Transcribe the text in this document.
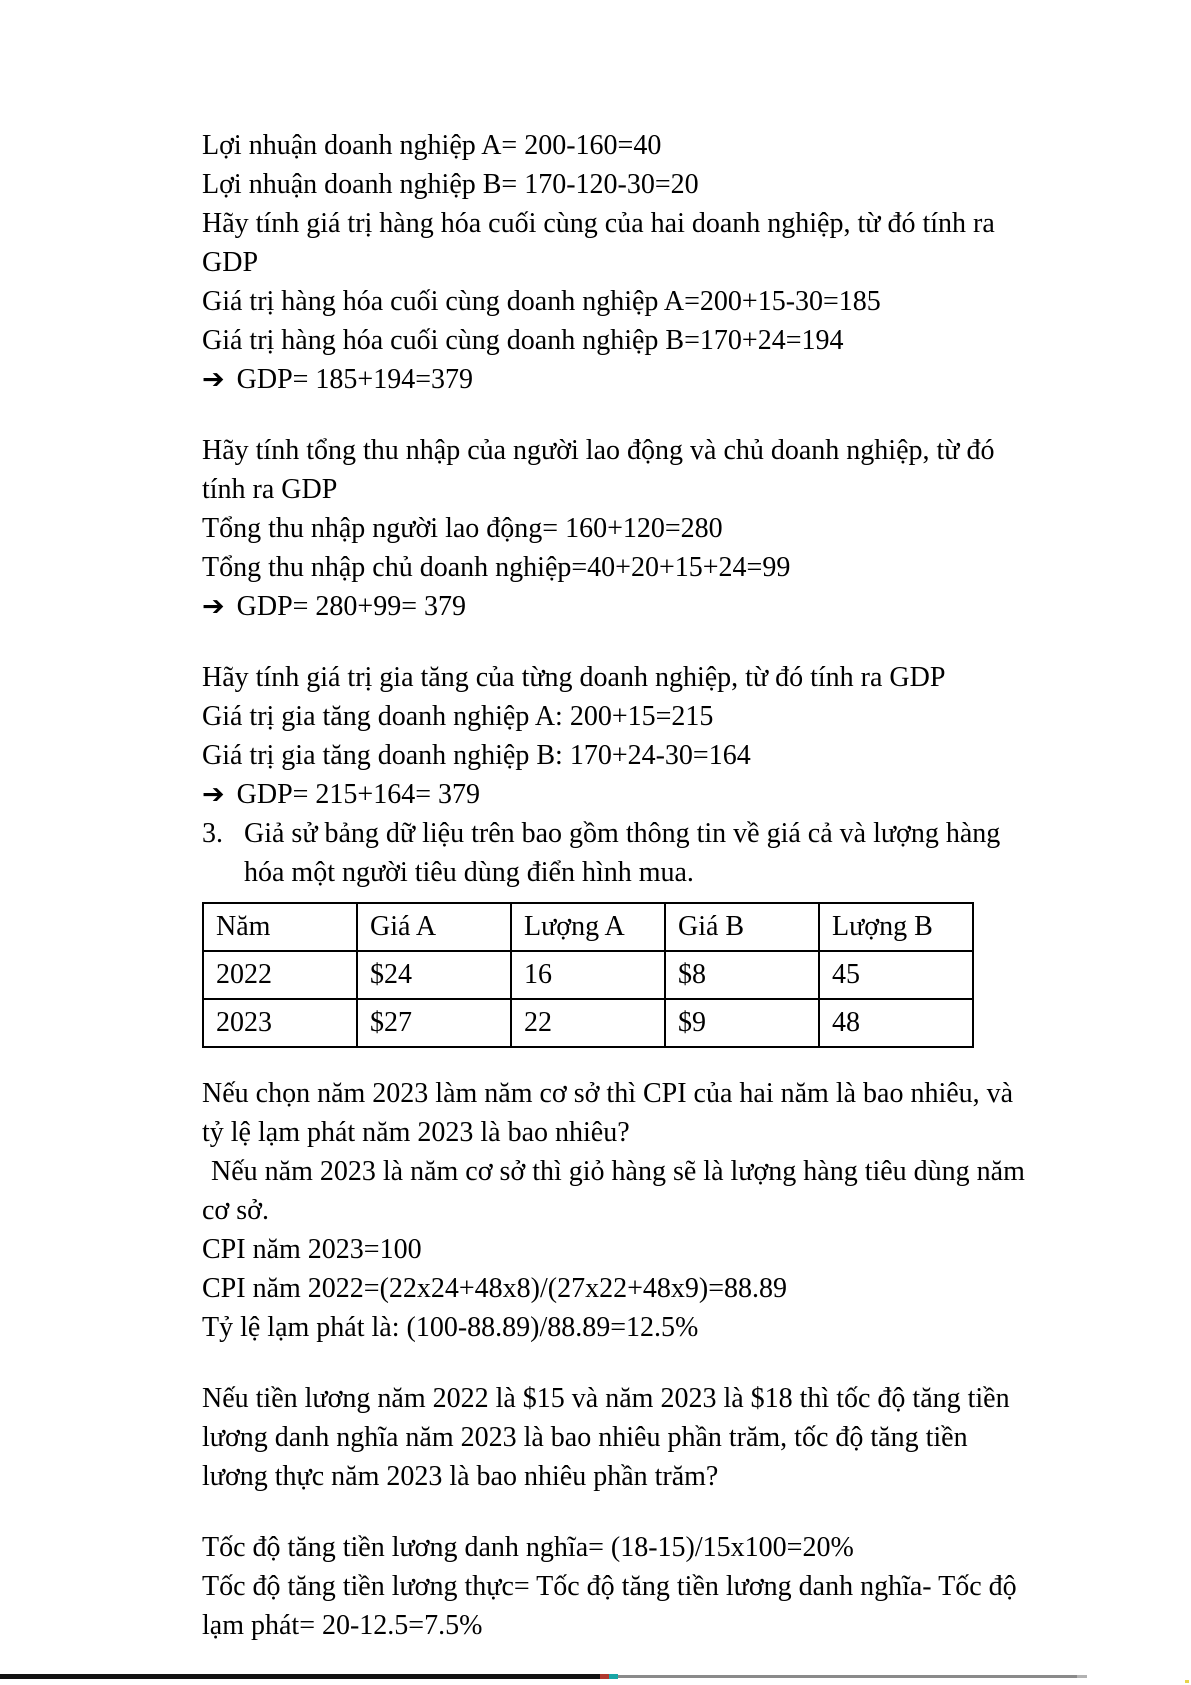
Lợi nhuận doanh nghiệp A= 200-160=40
Lợi nhuận doanh nghiệp B= 170-120-30=20
Hãy tính giá trị hàng hóa cuối cùng của hai doanh nghiệp, từ đó tính ra
GDP
Giá trị hàng hóa cuối cùng doanh nghiệp A=200+15-30=185
Giá trị hàng hóa cuối cùng doanh nghiệp B=170+24=194
➔ GDP= 185+194=379
Hãy tính tổng thu nhập của người lao động và chủ doanh nghiệp, từ đó
tính ra GDP
Tổng thu nhập người lao động= 160+120=280
Tổng thu nhập chủ doanh nghiệp=40+20+15+24=99
➔ GDP= 280+99= 379
Hãy tính giá trị gia tăng của từng doanh nghiệp, từ đó tính ra GDP
Giá trị gia tăng doanh nghiệp A: 200+15=215
Giá trị gia tăng doanh nghiệp B: 170+24-30=164
➔ GDP= 215+164= 379
3. Giả sử bảng dữ liệu trên bao gồm thông tin về giá cả và lượng hàng
hóa một người tiêu dùng điển hình mua.
Năm	Giá A	Lượng A	Giá B	Lượng B
2022	$24	16	$8	45
2023	$27	22	$9	48
Nếu chọn năm 2023 làm năm cơ sở thì CPI của hai năm là bao nhiêu, và
tỷ lệ lạm phát năm 2023 là bao nhiêu?
Nếu năm 2023 là năm cơ sở thì giỏ hàng sẽ là lượng hàng tiêu dùng năm
cơ sở.
CPI năm 2023=100
CPI năm 2022=(22x24+48x8)/(27x22+48x9)=88.89
Tỷ lệ lạm phát là: (100-88.89)/88.89=12.5%
Nếu tiền lương năm 2022 là $15 và năm 2023 là $18 thì tốc độ tăng tiền
lương danh nghĩa năm 2023 là bao nhiêu phần trăm, tốc độ tăng tiền
lương thực năm 2023 là bao nhiêu phần trăm?
Tốc độ tăng tiền lương danh nghĩa= (18-15)/15x100=20%
Tốc độ tăng tiền lương thực= Tốc độ tăng tiền lương danh nghĩa- Tốc độ
lạm phát= 20-12.5=7.5%
